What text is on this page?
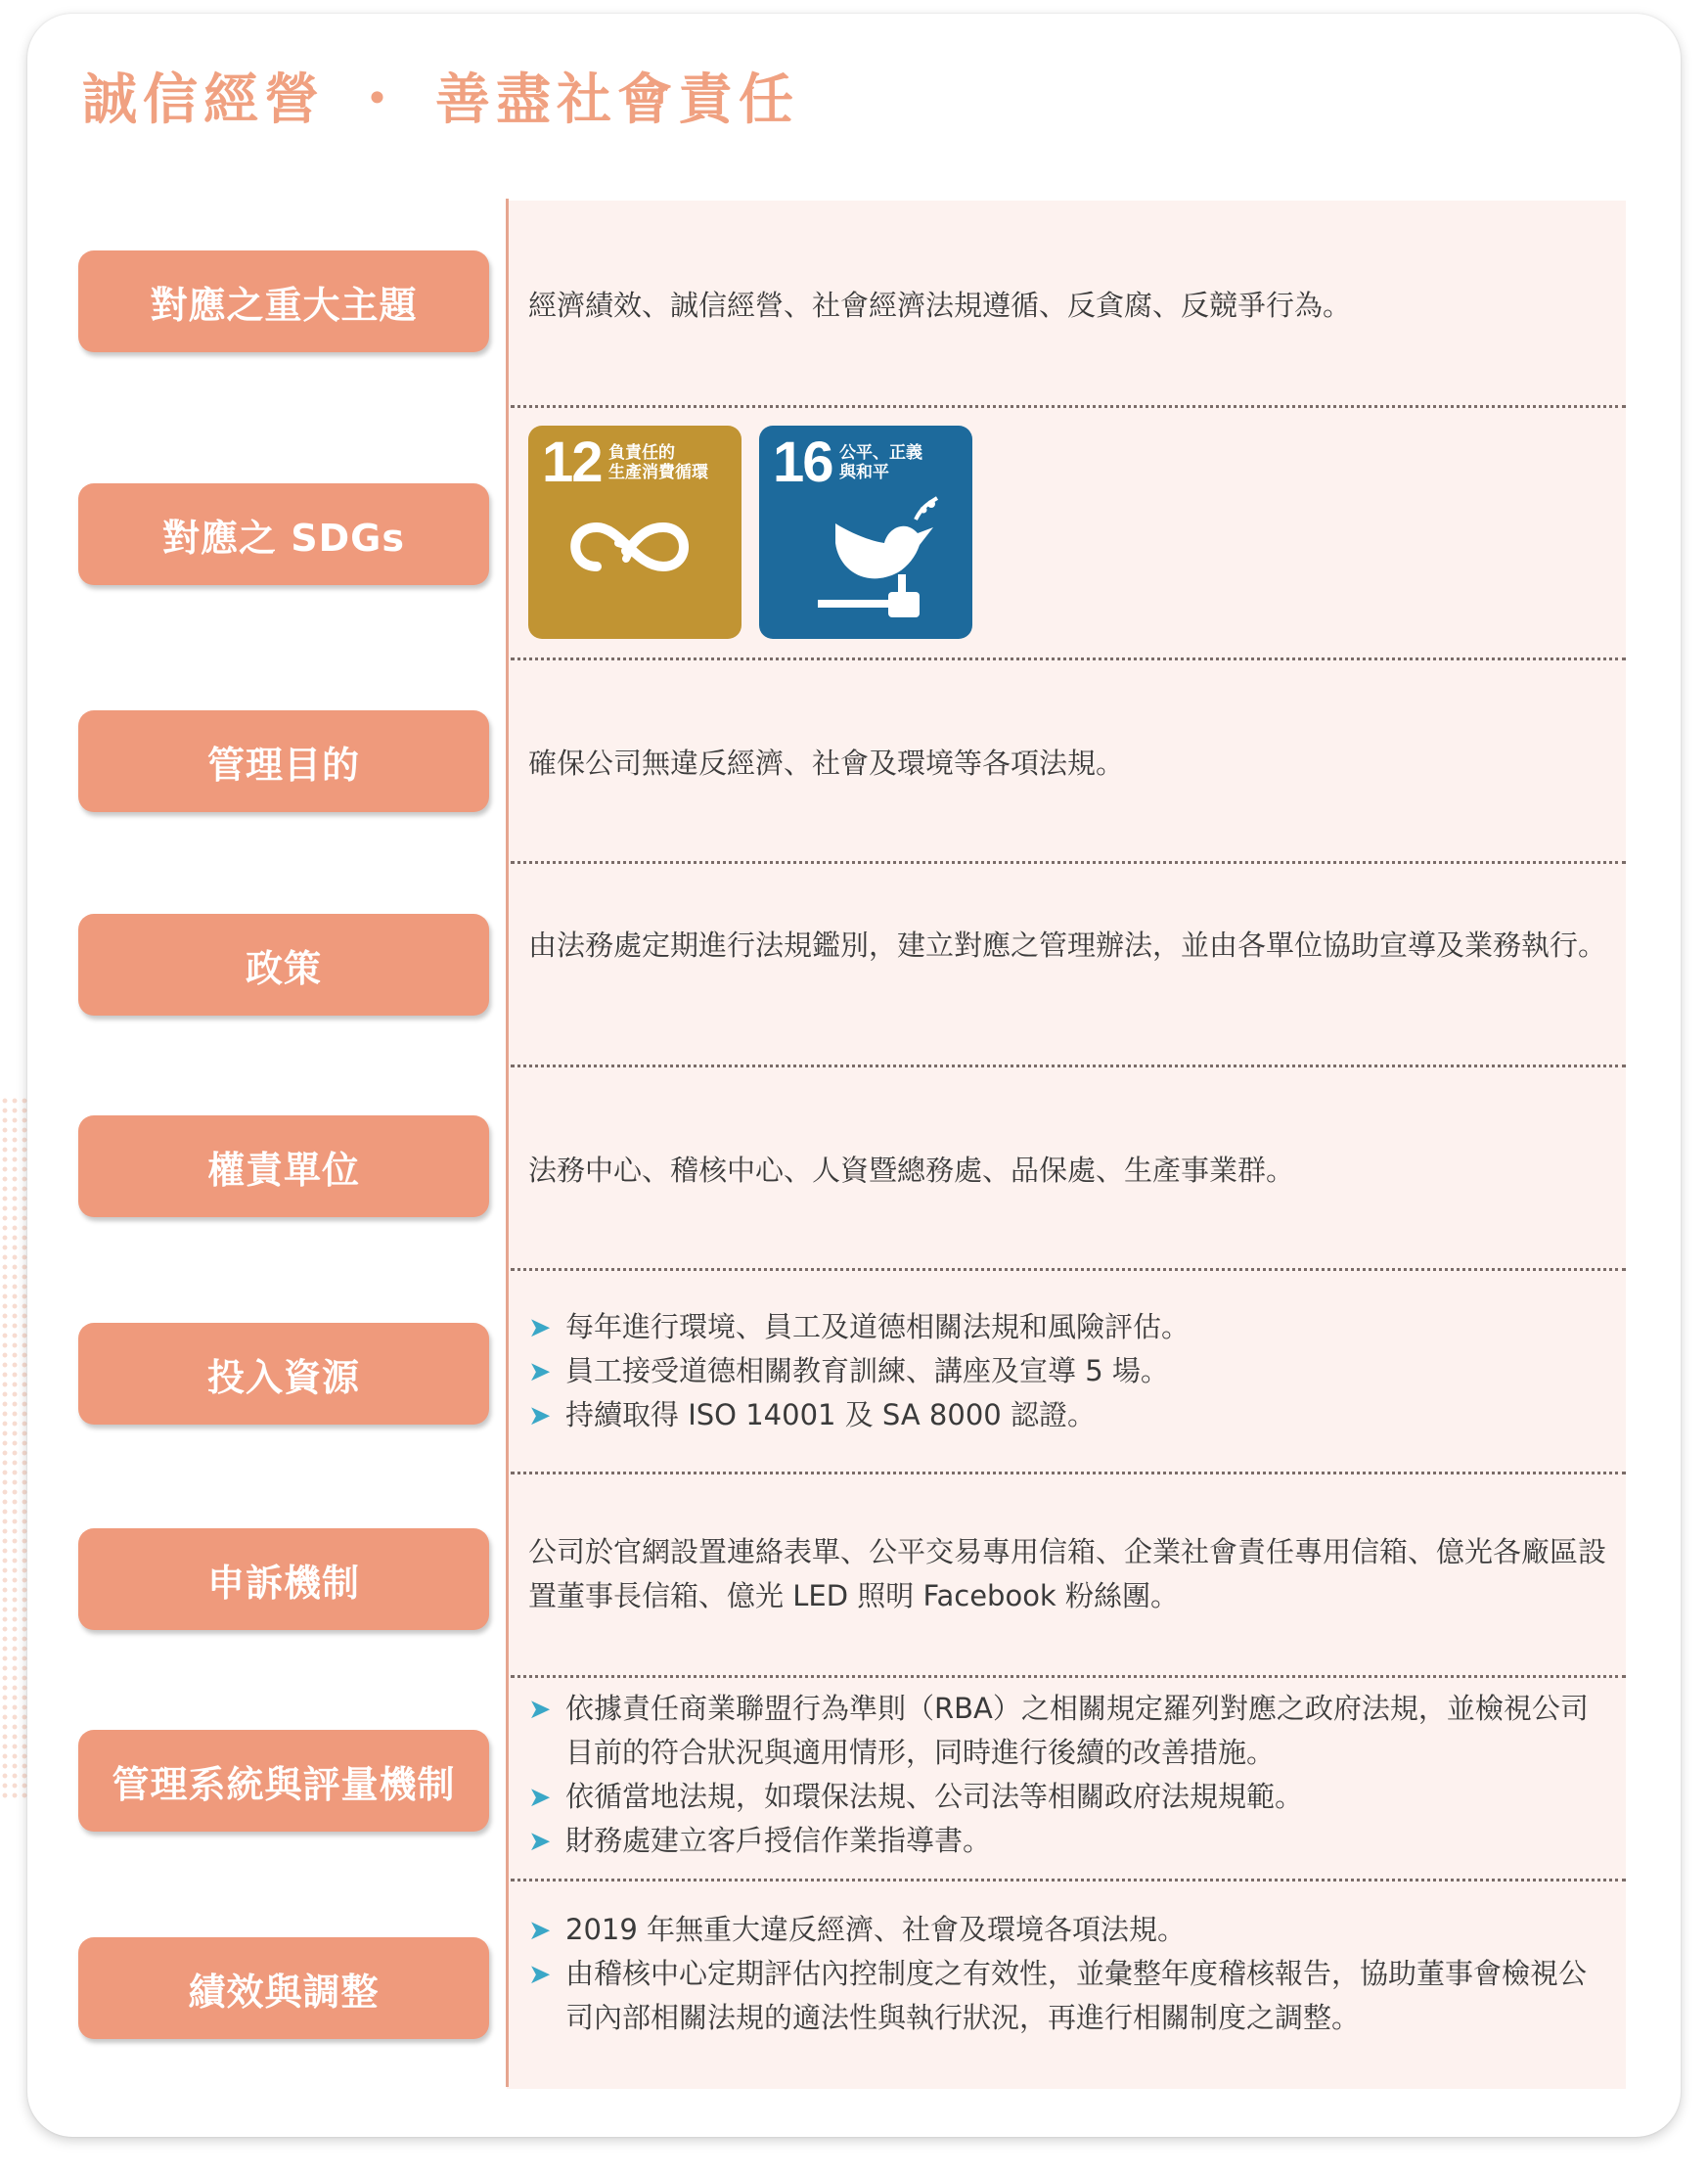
誠信經營 ・ 善盡社會責任
對應之重大主題
對應之 SDGs
管理目的
政策
權責單位
投入資源
申訴機制
管理系統與評量機制
績效與調整
經濟績效、誠信經營、社會經濟法規遵循、反貪腐、反競爭行為。
12 負責任的
生產消費循環	16 公平、正義
與和平
確保公司無違反經濟、社會及環境等各項法規。
由法務處定期進行法規鑑別，建立對應之管理辦法，並由各單位協助宣導及業務執行。
法務中心、稽核中心、人資暨總務處、品保處、生產事業群。
➤ 每年進行環境、員工及道德相關法規和風險評估。
➤ 員工接受道德相關教育訓練、講座及宣導 5 場。
➤ 持續取得 ISO 14001 及 SA 8000 認證。
公司於官網設置連絡表單、公平交易專用信箱、企業社會責任專用信箱、億光各廠區設置董事長信箱、億光 LED 照明 Facebook 粉絲團。
➤ 依據責任商業聯盟行為準則（RBA）之相關規定羅列對應之政府法規，並檢視公司目前的符合狀況與適用情形，同時進行後續的改善措施。
➤ 依循當地法規，如環保法規、公司法等相關政府法規規範。
➤ 財務處建立客戶授信作業指導書。
➤ 2019 年無重大違反經濟、社會及環境各項法規。
➤ 由稽核中心定期評估內控制度之有效性，並彙整年度稽核報告，協助董事會檢視公司內部相關法規的適法性與執行狀況，再進行相關制度之調整。
